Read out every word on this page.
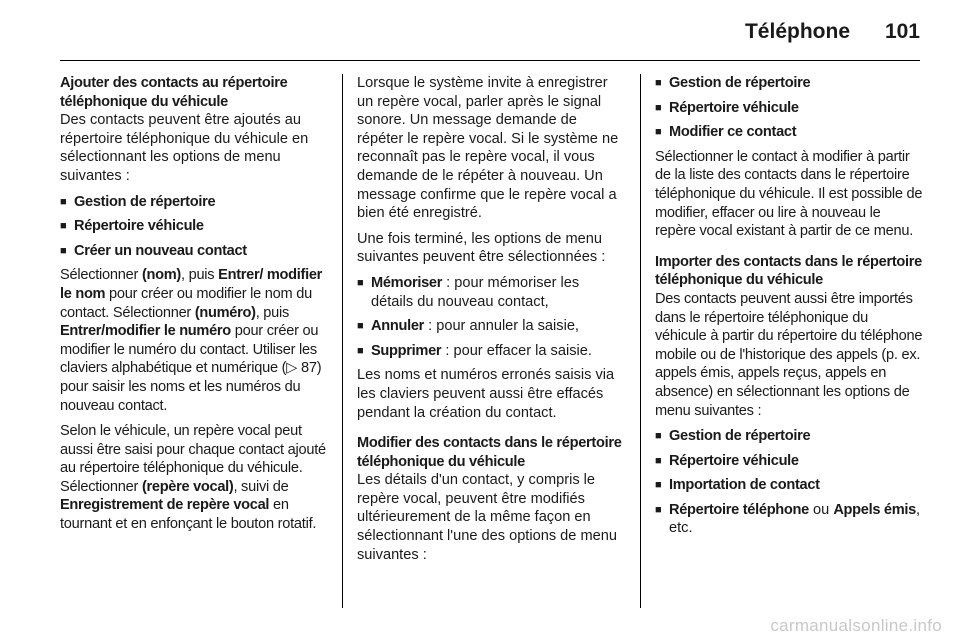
Téléphone 101
Ajouter des contacts au répertoire téléphonique du véhicule

Des contacts peuvent être ajoutés au répertoire téléphonique du véhicule en sélectionnant les options de menu suivantes :

■ Gestion de répertoire
■ Répertoire véhicule
■ Créer un nouveau contact

Sélectionner (nom), puis Entrer/ modifier le nom pour créer ou modifier le nom du contact. Sélectionner (numéro), puis Entrer/modifier le numéro pour créer ou modifier le numéro du contact. Utiliser les claviers alphabétique et numérique (▷ 87) pour saisir les noms et les numéros du nouveau contact.

Selon le véhicule, un repère vocal peut aussi être saisi pour chaque contact ajouté au répertoire téléphonique du véhicule. Sélectionner (repère vocal), suivi de Enregistrement de repère vocal en tournant et en enfonçant le bouton rotatif.

Lorsque le système invite à enregistrer un repère vocal, parler après le signal sonore. Un message demande de répéter le repère vocal. Si le système ne reconnaît pas le repère vocal, il vous demande de le répéter à nouveau. Un message confirme que le repère vocal a bien été enregistré.

Une fois terminé, les options de menu suivantes peuvent être sélectionnées :

■ Mémoriser : pour mémoriser les détails du nouveau contact,
■ Annuler : pour annuler la saisie,
■ Supprimer : pour effacer la saisie.

Les noms et numéros erronés saisis via les claviers peuvent aussi être effacés pendant la création du contact.

Modifier des contacts dans le répertoire téléphonique du véhicule

Les détails d'un contact, y compris le repère vocal, peuvent être modifiés ultérieurement de la même façon en sélectionnant l'une des options de menu suivantes :

■ Gestion de répertoire
■ Répertoire véhicule
■ Modifier ce contact

Sélectionner le contact à modifier à partir de la liste des contacts dans le répertoire téléphonique du véhicule. Il est possible de modifier, effacer ou lire à nouveau le repère vocal existant à partir de ce menu.

Importer des contacts dans le répertoire téléphonique du véhicule

Des contacts peuvent aussi être importés dans le répertoire téléphonique du véhicule à partir du répertoire du téléphone mobile ou de l'historique des appels (p. ex. appels émis, appels reçus, appels en absence) en sélectionnant les options de menu suivantes :

■ Gestion de répertoire
■ Répertoire véhicule
■ Importation de contact
■ Répertoire téléphone ou Appels émis, etc.
carmanualsonline.info
